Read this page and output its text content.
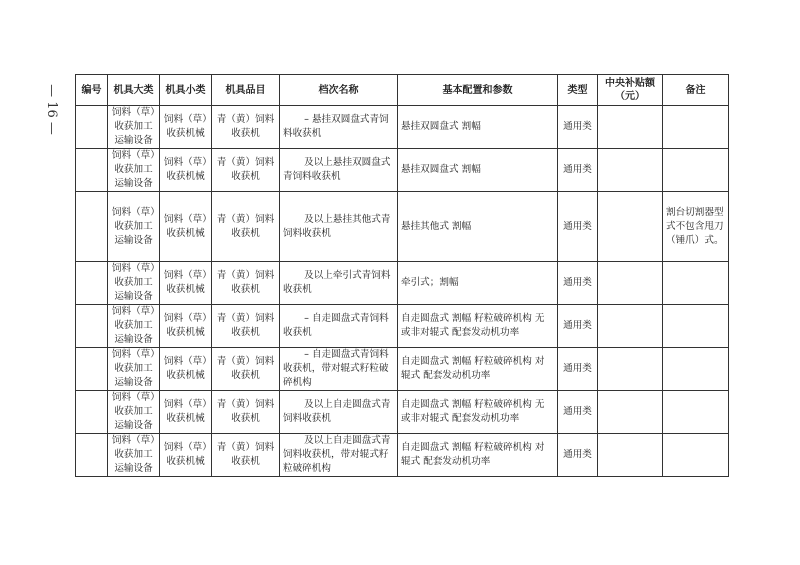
— 16 — 编号	机具大类	机具小类	机具品目	档次名称	基本配置和参数	类型	中央补贴额（元）	备注
	饲料（草）收获加工运输设备	饲料（草）收获机械	青（黄）饲料收获机	– 悬挂双圆盘式青饲料收获机	悬挂双圆盘式 割幅	通用类		
	饲料（草）收获加工运输设备	饲料（草）收获机械	青（黄）饲料收获机	及以上悬挂双圆盘式青饲料收获机	悬挂双圆盘式 割幅	通用类		
	饲料（草）收获加工运输设备	饲料（草）收获机械	青（黄）饲料收获机	及以上悬挂其他式青饲料收获机	悬挂其他式 割幅	通用类		割台切割器型式不包含甩刀（锤爪）式。
	饲料（草）收获加工运输设备	饲料（草）收获机械	青（黄）饲料收获机	及以上牵引式青饲料收获机	牵引式；割幅	通用类		
	饲料（草）收获加工运输设备	饲料（草）收获机械	青（黄）饲料收获机	– 自走圆盘式青饲料收获机	自走圆盘式 割幅 籽粒破碎机构 无或非对辊式 配套发动机功率	通用类		
	饲料（草）收获加工运输设备	饲料（草）收获机械	青（黄）饲料收获机	– 自走圆盘式青饲料收获机，带对辊式籽粒破碎机构	自走圆盘式 割幅 籽粒破碎机构 对辊式 配套发动机功率	通用类		
	饲料（草）收获加工运输设备	饲料（草）收获机械	青（黄）饲料收获机	及以上自走圆盘式青饲料收获机	自走圆盘式 割幅 籽粒破碎机构 无或非对辊式 配套发动机功率	通用类		
	饲料（草）收获加工运输设备	饲料（草）收获机械	青（黄）饲料收获机	及以上自走圆盘式青饲料收获机，带对辊式籽粒破碎机构	自走圆盘式 割幅 籽粒破碎机构 对辊式 配套发动机功率	通用类		
